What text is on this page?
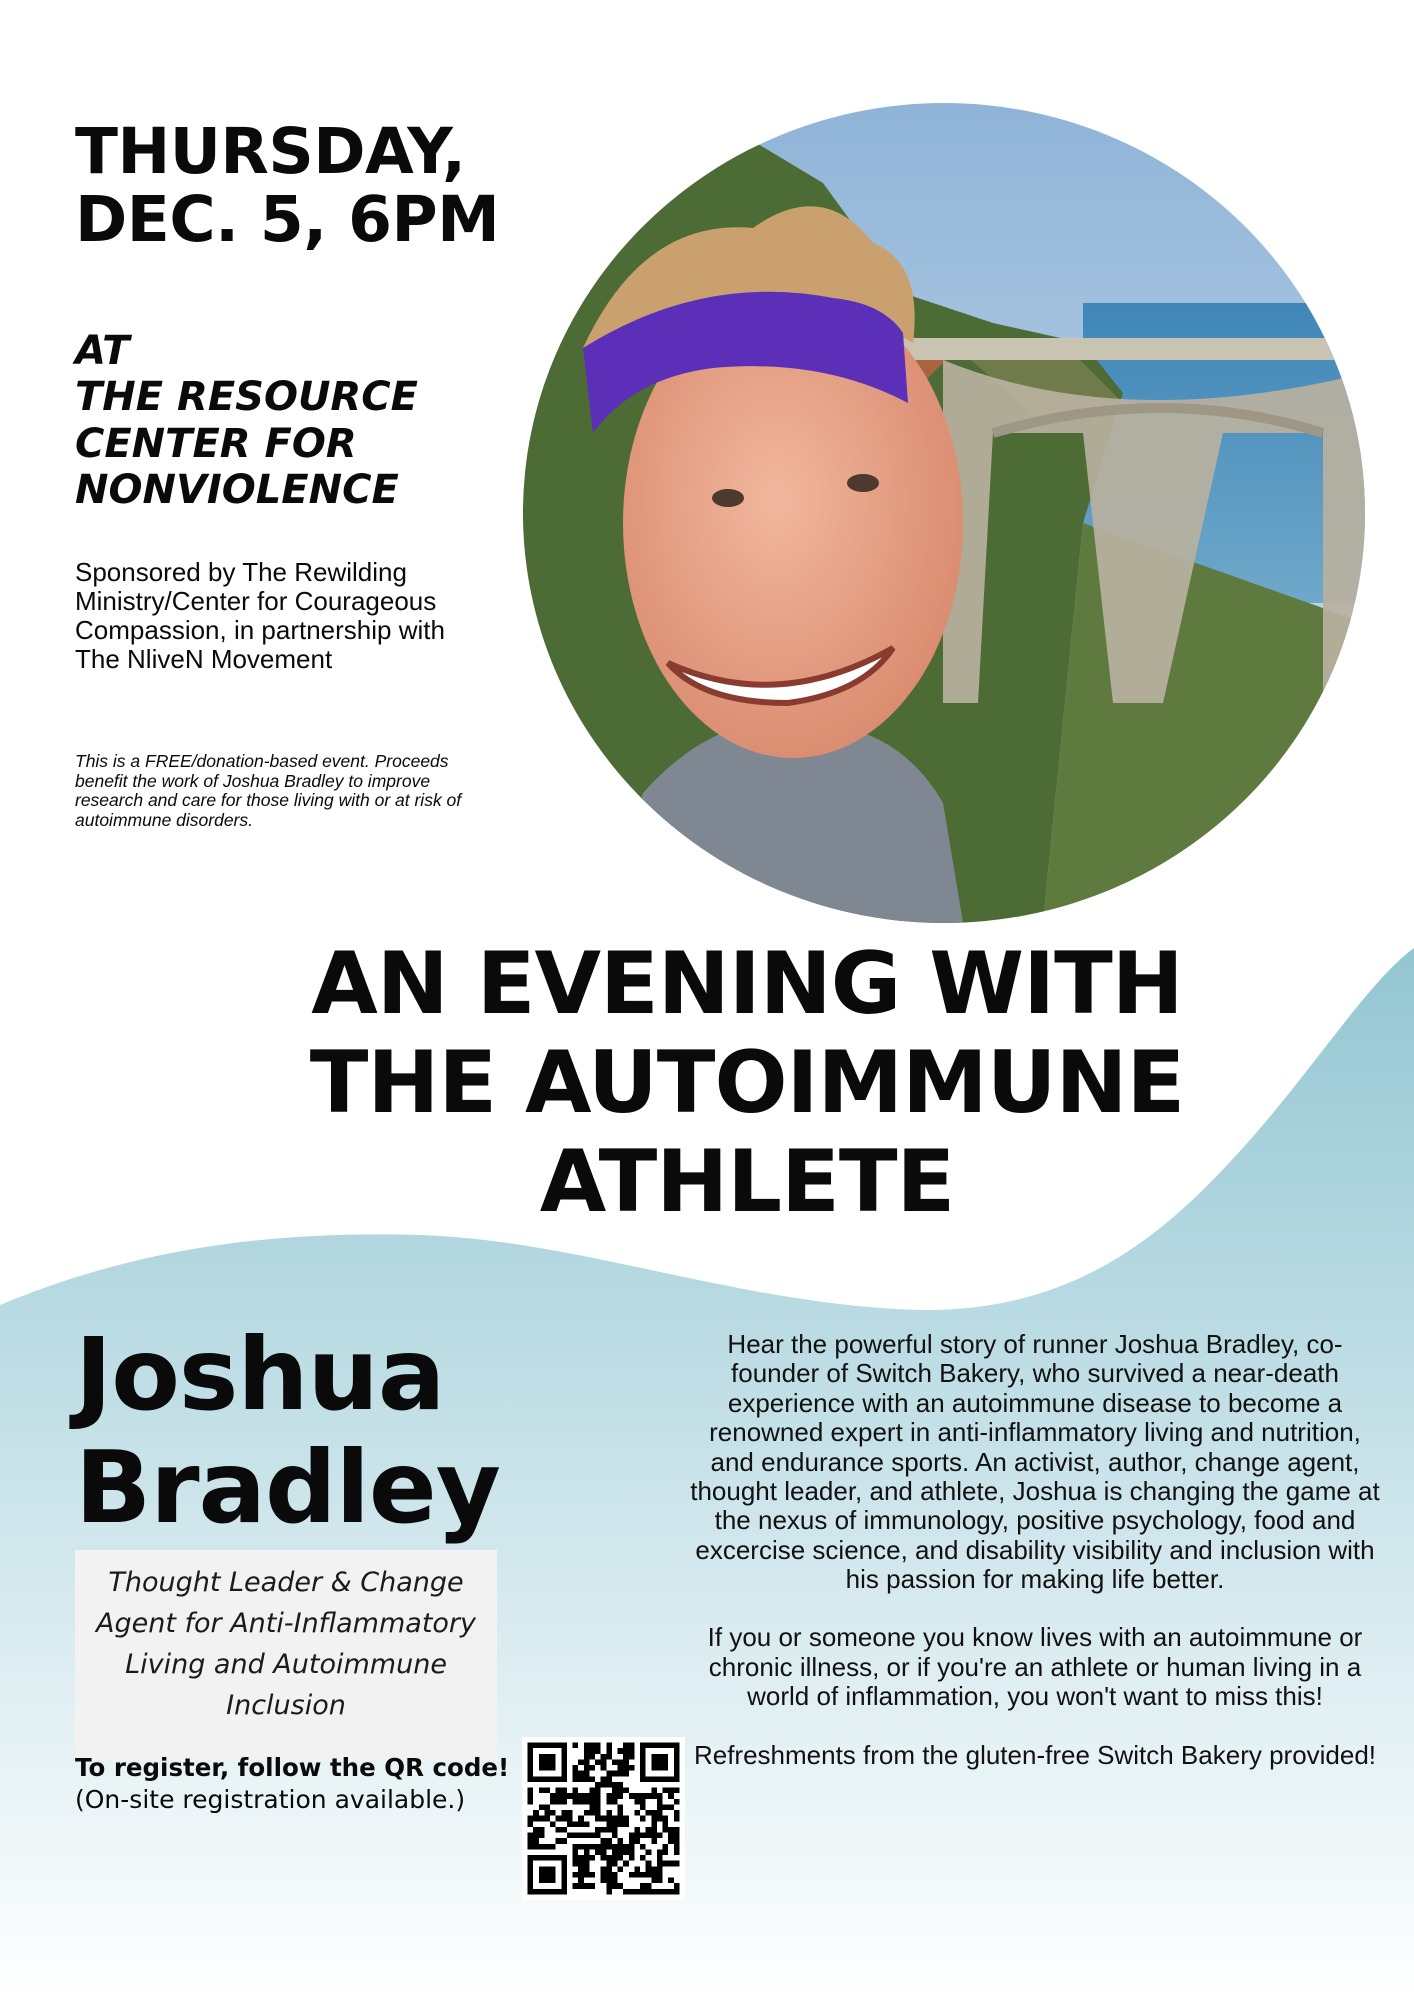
THURSDAY,
DEC. 5, 6PM
AT
THE RESOURCE
CENTER FOR
NONVIOLENCE
Sponsored by The Rewilding Ministry/Center for Courageous Compassion, in partnership with The NliveN Movement
This is a FREE/donation-based event. Proceeds benefit the work of Joshua Bradley to improve research and care for those living with or at risk of autoimmune disorders.
AN EVENING WITH
THE AUTOIMMUNE
ATHLETE
Joshua
Bradley
Thought Leader & Change Agent for Anti-Inflammatory Living and Autoimmune Inclusion
To register, follow the QR code!
(On-site registration available.)

Hear the powerful story of runner Joshua Bradley, co-founder of Switch Bakery, who survived a near-death experience with an autoimmune disease to become a renowned expert in anti-inflammatory living and nutrition, and endurance sports. An activist, author, change agent, thought leader, and athlete, Joshua is changing the game at the nexus of immunology, positive psychology, food and excercise science, and disability visibility and inclusion with his passion for making life better.

If you or someone you know lives with an autoimmune or chronic illness, or if you're an athlete or human living in a world of inflammation, you won't want to miss this!

Refreshments from the gluten-free Switch Bakery provided!
